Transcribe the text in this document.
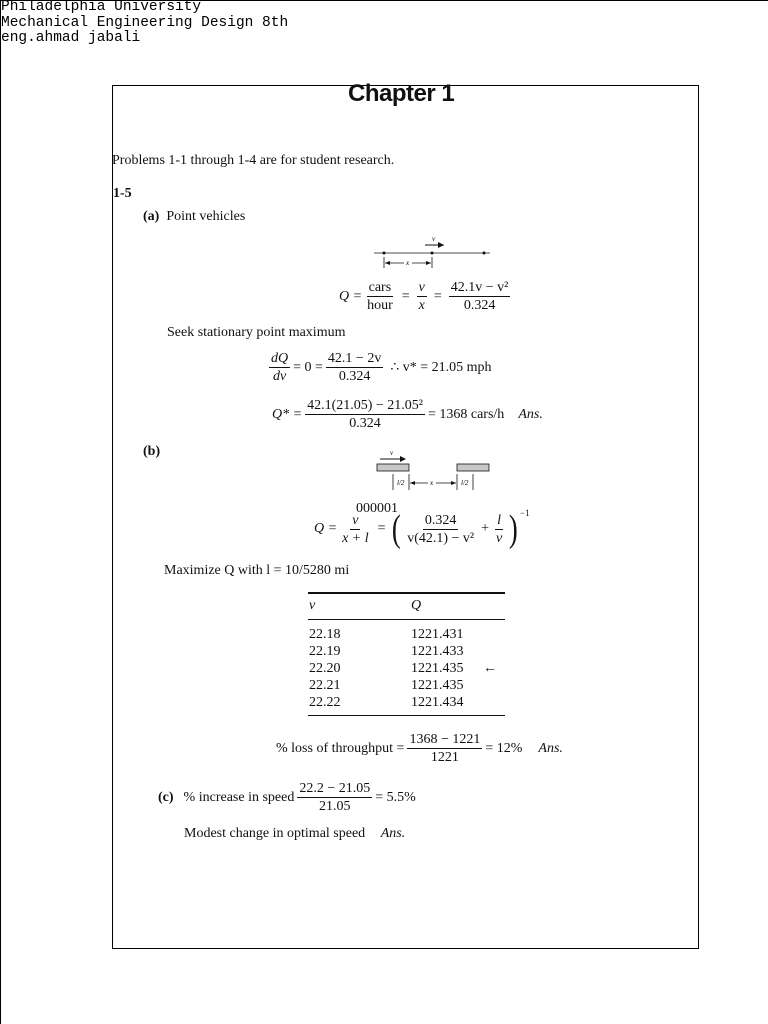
Philadelphia University
Mechanical Engineering Design 8th
eng.ahmad jabali
Chapter 1
Problems 1-1 through 1-4 are for student research.
1-5
(a) Point vehicles
v
x
$Q = \frac{\text{cars}}{\text{hour}} = \frac{v}{x} = \frac{\text{42.1v − v²}}{0.324}$
Seek stationary point maximum
$\frac{dQ}{dv} = 0 = \frac{42.1 - 2v}{0.324}$ ∴ v* = 21.05 mph
$Q* = \frac{\text{42.1(21.05) − 21.05²}}{0.324} = 1368$ cars/h Ans.
(b)	v
l/2	l/2
x
000001
$Q = \frac{v}{x + l}$ = ( $\frac{0.324}{\text{v(42.1) − v²}} + \frac{l}{v}$ ) −1
Maximize Q with l = 10/5280 mi
v	Q
22.18	1221.431
22.19	1221.433
22.20	1221.435	←
22.21	1221.435
22.22	1221.434
% loss of throughput = $\frac{1368 - 1221}{1221} = 12\%$ Ans.
(c) % increase in speed $\frac{22.2 - 21.05}{21.05} = 5.5\%$
Modest change in optimal speed Ans.
